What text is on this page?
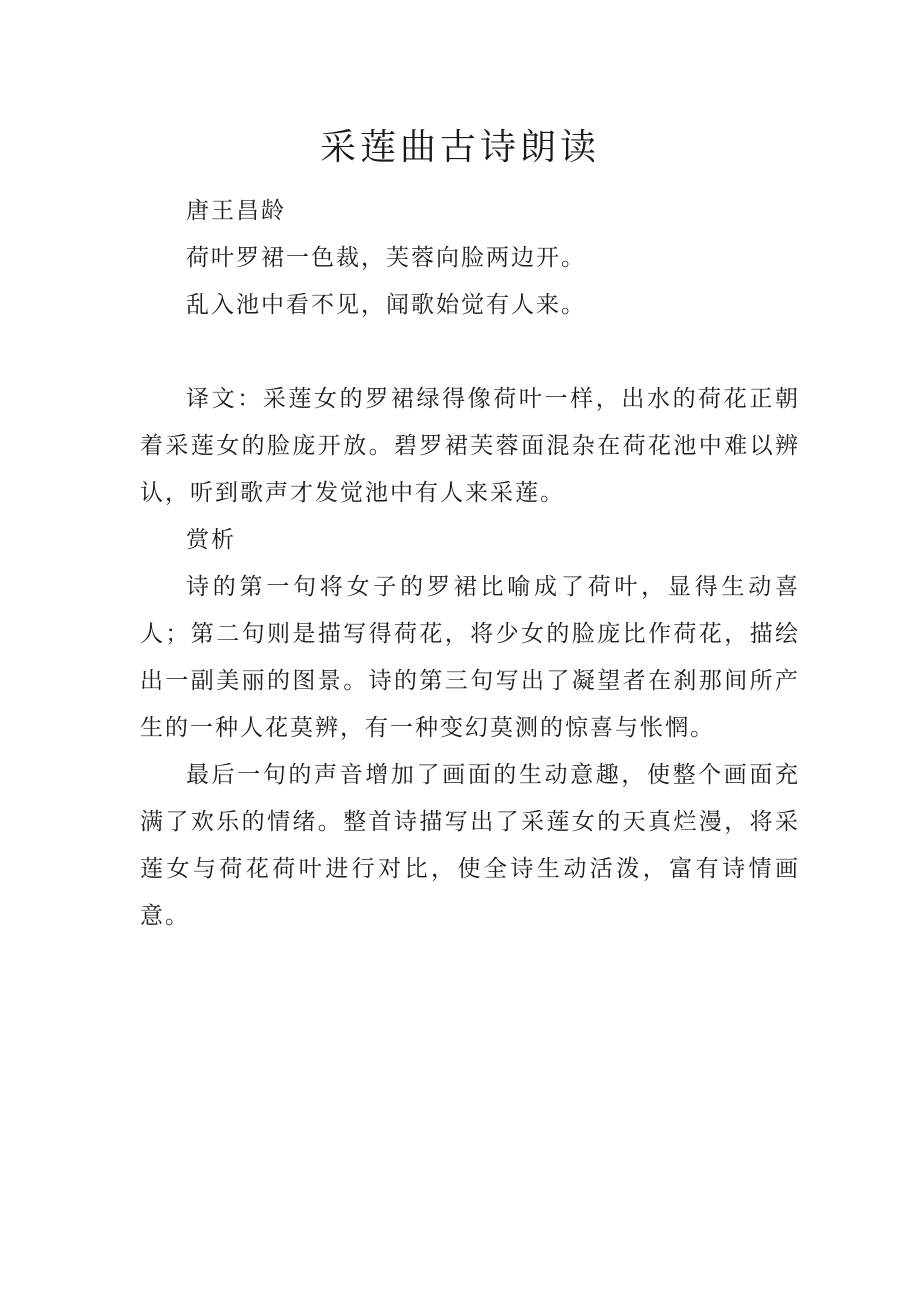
采莲曲古诗朗读

唐王昌龄

荷叶罗裙一色裁，芙蓉向脸两边开。

乱入池中看不见，闻歌始觉有人来。

译文：采莲女的罗裙绿得像荷叶一样，出水的荷花正朝着采莲女的脸庞开放。碧罗裙芙蓉面混杂在荷花池中难以辨认，听到歌声才发觉池中有人来采莲。

赏析

诗的第一句将女子的罗裙比喻成了荷叶，显得生动喜人；第二句则是描写得荷花，将少女的脸庞比作荷花，描绘出一副美丽的图景。诗的第三句写出了凝望者在刹那间所产生的一种人花莫辨，有一种变幻莫测的惊喜与怅惘。

最后一句的声音增加了画面的生动意趣，使整个画面充满了欢乐的情绪。整首诗描写出了采莲女的天真烂漫，将采莲女与荷花荷叶进行对比，使全诗生动活泼，富有诗情画意。
